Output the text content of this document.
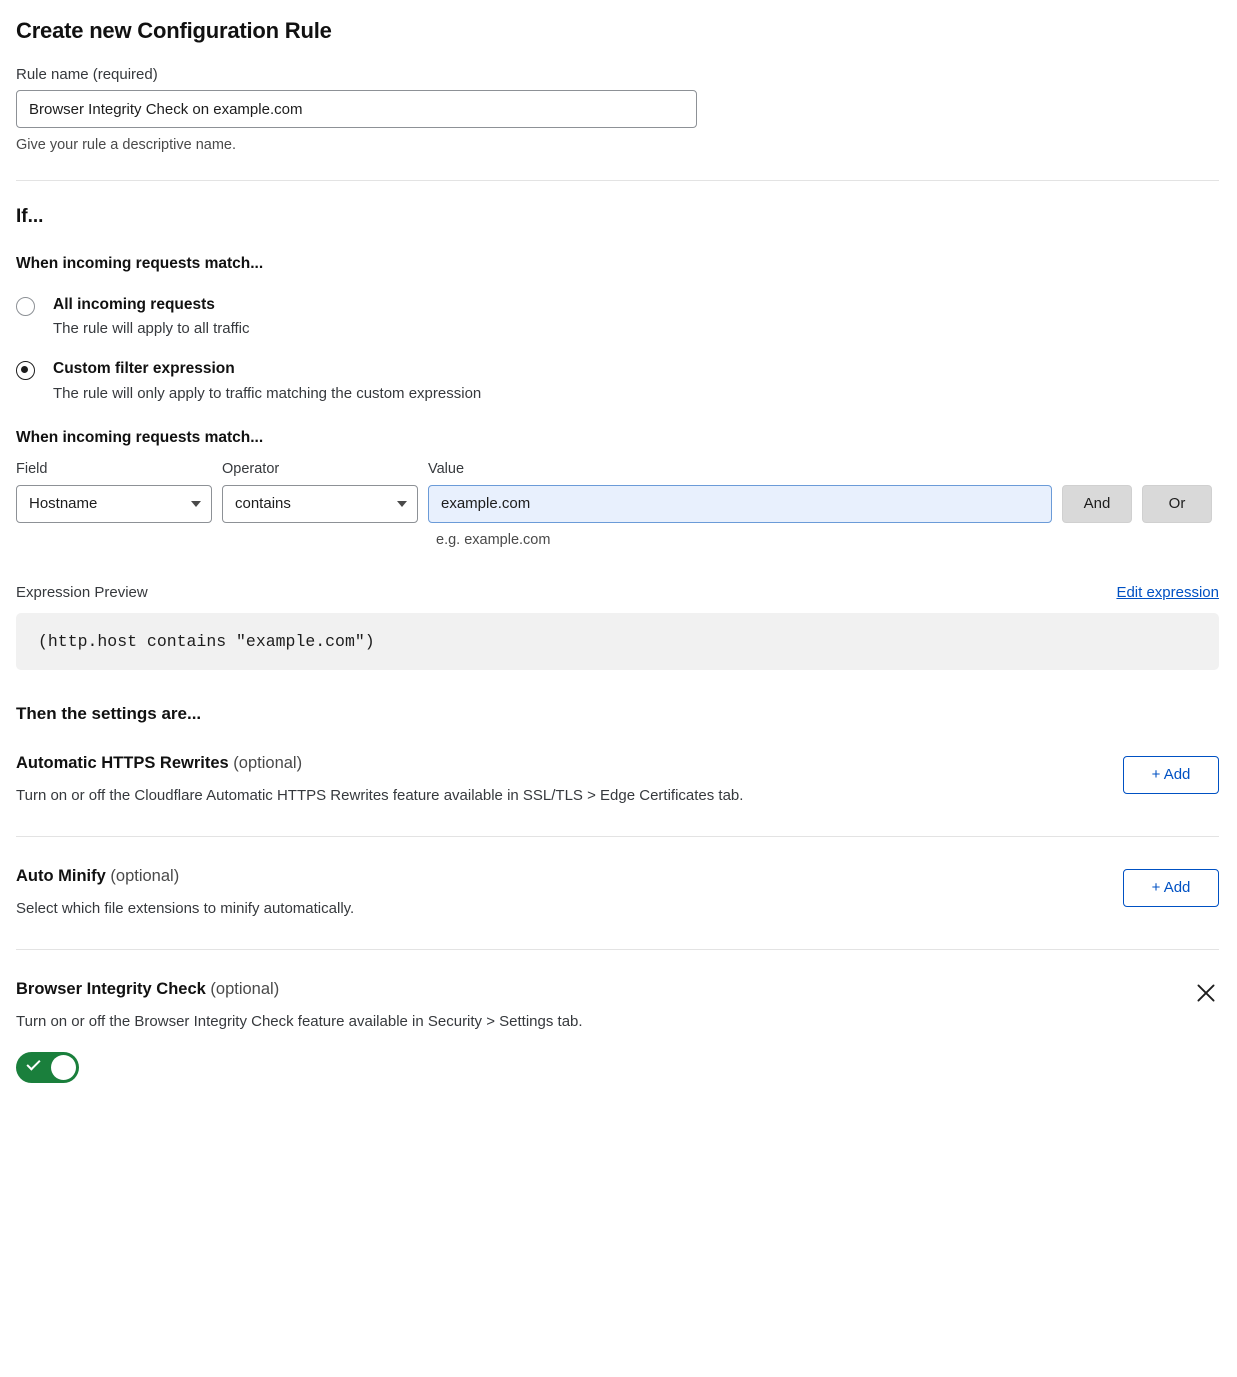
Create new Configuration Rule
Rule name (required)
Browser Integrity Check on example.com
Give your rule a descriptive name.
If...
When incoming requests match...
All incoming requests
The rule will apply to all traffic
Custom filter expression
The rule will only apply to traffic matching the custom expression
When incoming requests match...
Field
Hostname
Operator
contains
Value
example.com
And	Or
e.g. example.com
Expression Preview	Edit expression
(http.host contains "example.com")
Then the settings are...
Automatic HTTPS Rewrites (optional)
Turn on or off the Cloudflare Automatic HTTPS Rewrites feature available in SSL/TLS > Edge Certificates tab.
+ Add
Auto Minify (optional)
Select which file extensions to minify automatically.
+ Add
Browser Integrity Check (optional)
Turn on or off the Browser Integrity Check feature available in Security > Settings tab.
